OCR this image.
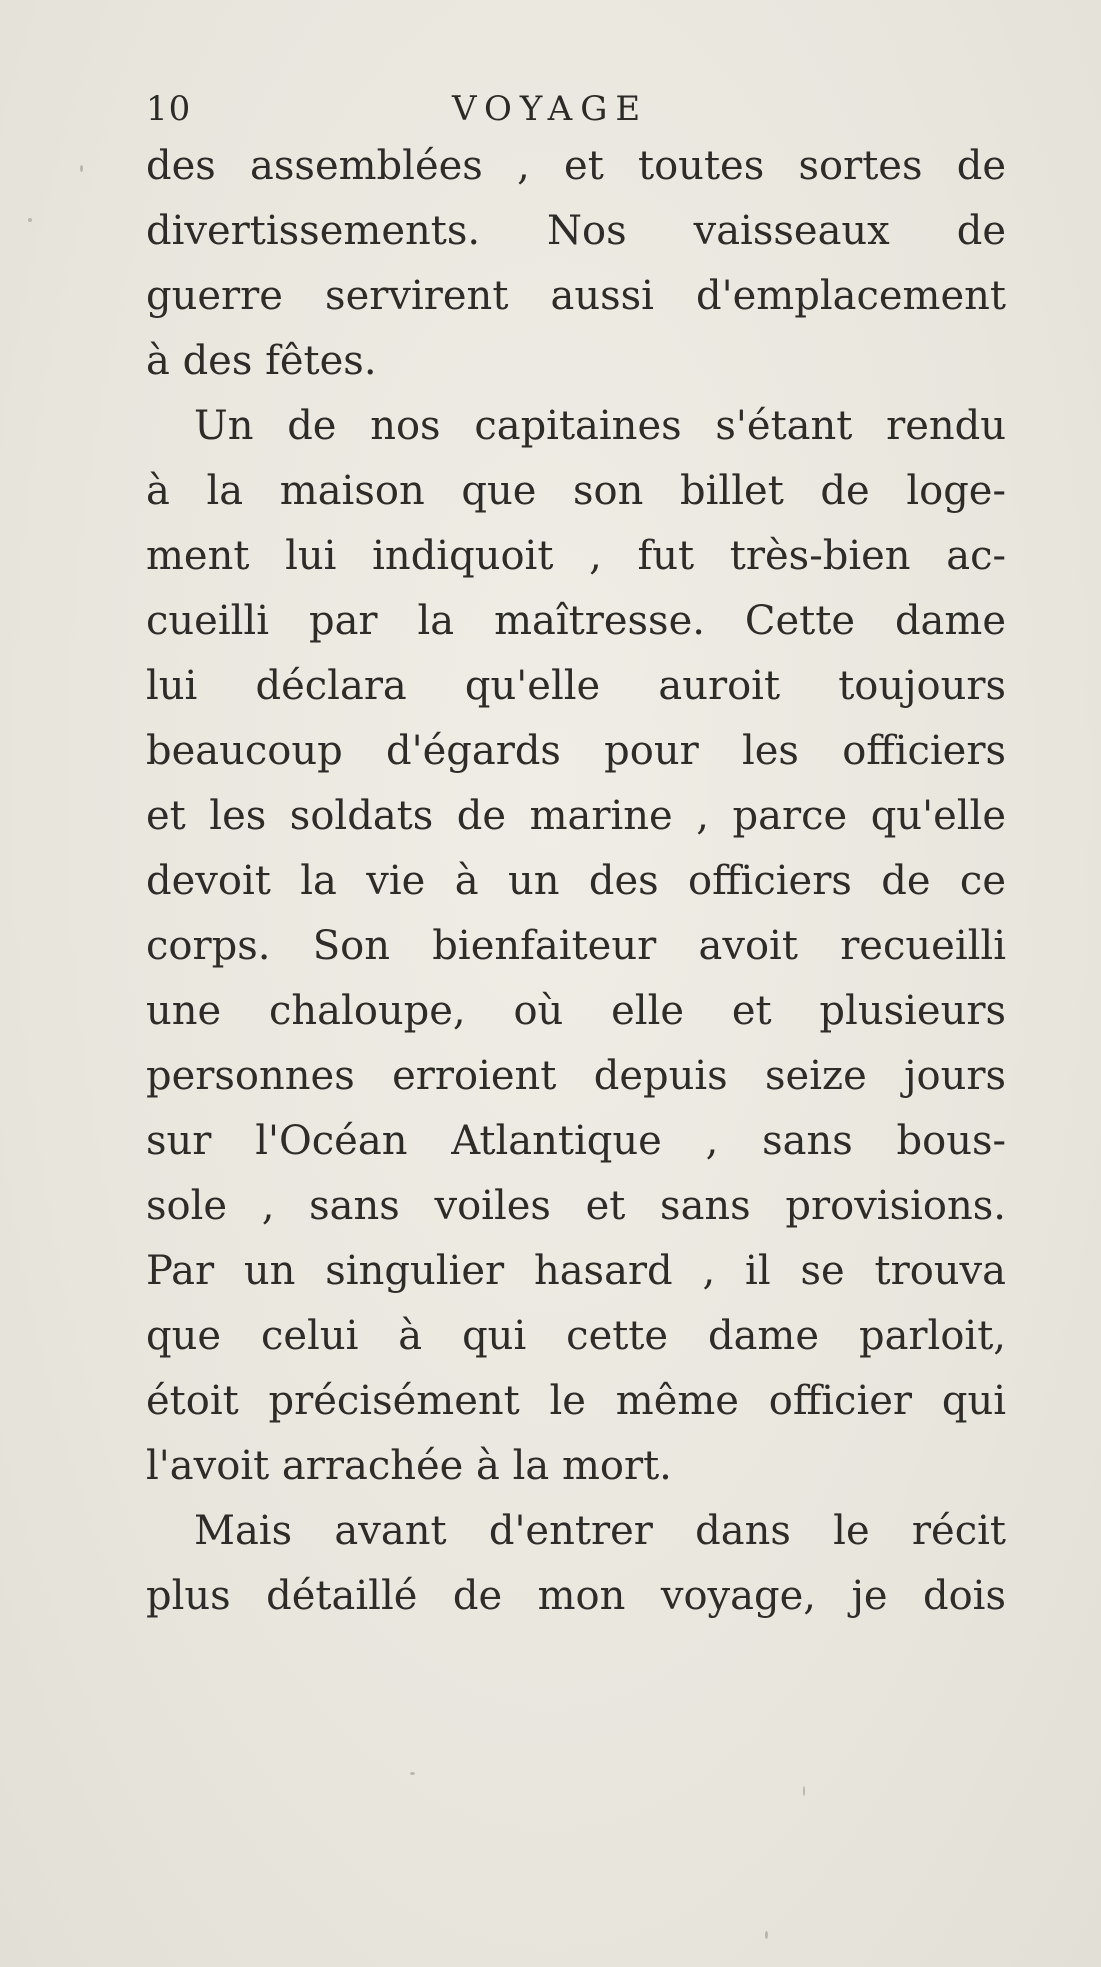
10	VOYAGE
des assemblées , et toutes sortes de
divertissements. Nos vaisseaux de
guerre servirent aussi d'emplacement
à des fêtes.
Un de nos capitaines s'étant rendu
à la maison que son billet de loge-
ment lui indiquoit , fut très-bien ac-
cueilli par la maîtresse. Cette dame
lui déclara qu'elle auroit toujours
beaucoup d'égards pour les officiers
et les soldats de marine , parce qu'elle
devoit la vie à un des officiers de ce
corps. Son bienfaiteur avoit recueilli
une chaloupe, où elle et plusieurs
personnes erroient depuis seize jours
sur l'Océan Atlantique , sans bous-
sole , sans voiles et sans provisions.
Par un singulier hasard , il se trouva
que celui à qui cette dame parloit,
étoit précisément le même officier qui
l'avoit arrachée à la mort.
Mais avant d'entrer dans le récit
plus détaillé de mon voyage, je dois
